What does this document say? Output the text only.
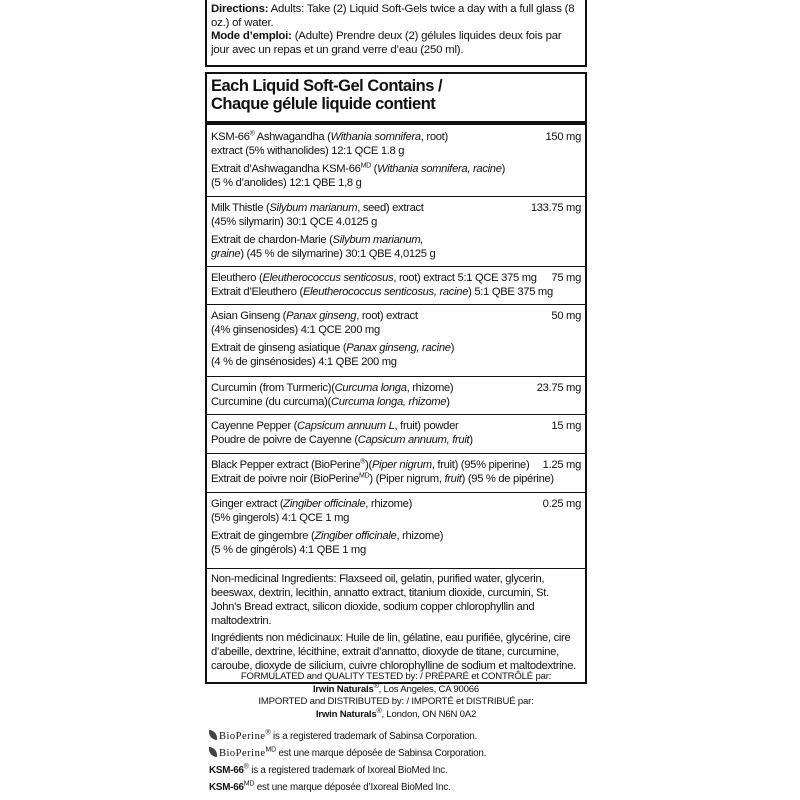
Directions: Adults: Take (2) Liquid Soft-Gels twice a day with a full glass (8 oz.) of water.
Mode d’emploi: (Adulte) Prendre deux (2) gélules liquides deux fois par jour avec un repas et un grand verre d’eau (250 ml).
Each Liquid Soft-Gel Contains /
Chaque gélule liquide contient
150 mg
KSM-66® Ashwagandha (Withania somnifera, root)
extract (5% withanolides) 12:1 QCE 1.8 g
Extrait d’Ashwagandha KSM-$66^{MD}$ (Withania somnifera, racine)
(5 % d’anolides) 12:1 QBE 1,8 g
133.75 mg
Milk Thistle (Silybum marianum, seed) extract
(45% silymarin) 30:1 QCE 4.0125 g
Extrait de chardon-Marie (Silybum marianum,
graine) (45 % de silymarine) 30:1 QBE 4,0125 g
75 mg
Eleuthero (Eleutherococcus senticosus, root) extract 5:1 QCE 375 mg
Extrait d’Eleuthero (Eleutherococcus senticosus, racine) 5:1 QBE 375 mg
50 mg
Asian Ginseng (Panax ginseng, root) extract
(4% ginsenosides) 4:1 QCE 200 mg
Extrait de ginseng asiatique (Panax ginseng, racine)
(4 % de ginsénosides) 4:1 QBE 200 mg
23.75 mg
Curcumin (from Turmeric)(Curcuma longa, rhizome)
Curcumine (du curcuma)(Curcuma longa, rhizome)
15 mg
Cayenne Pepper (Capsicum annuum L, fruit) powder
Poudre de poivre de Cayenne (Capsicum annuum, fruit)
1.25 mg
Black Pepper extract (BioPerine®)(Piper nigrum, fruit) (95% piperine)
Extrait de poivre noir (BioPerine$^{MD}$) (Piper nigrum, fruit) (95 % de pipérine)
0.25 mg
Ginger extract (Zingiber officinale, rhizome)
(5% gingerols) 4:1 QCE 1 mg
Extrait de gingembre (Zingiber officinale, rhizome)
(5 % de gingérols) 4:1 QBE 1 mg
Non-medicinal Ingredients: Flaxseed oil, gelatin, purified water, glycerin, beeswax, dextrin, lecithin, annatto extract, titanium dioxide, curcumin, St. John’s Bread extract, silicon dioxide, sodium copper chlorophyllin and maltodextrin.
Ingrédients non médicinaux: Huile de lin, gélatine, eau purifiée, glycérine, cire d’abeille, dextrine, lécithine, extrait d’annatto, dioxyde de titane, curcumine, caroube, dioxyde de silicium, cuivre chlorophylline de sodium et maltodextrine.
FORMULATED and QUALITY TESTED by: / PRÉPARÉ et CONTRÔLÉ par:
Irwin Naturals®, Los Angeles, CA 90066
IMPORTED and DISTRIBUTED by: / IMPORTÉ et DISTRIBUÉ par:
Irwin Naturals®, London, ON N6N 0A2
BioPerine® is a registered trademark of Sabinsa Corporation.
BioPerine$^{MD}$ est une marque déposée de Sabinsa Corporation.
KSM-66® is a registered trademark of Ixoreal BioMed Inc.
KSM-$66^{MD}$ est une marque déposée d’Ixoreal BioMed Inc.
